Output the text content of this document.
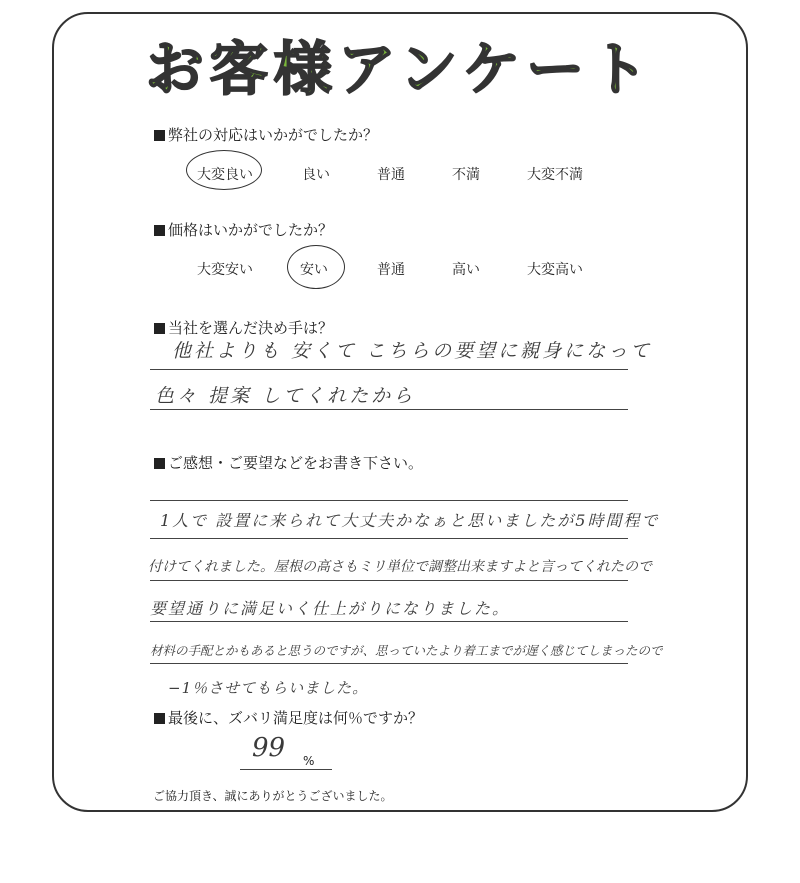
お客様アンケート
弊社の対応はいかがでしたか？
大変良い	良い	普通	不満	大変不満
価格はいかがでしたか？
大変安い	安い	普通	高い	大変高い
当社を選んだ決め手は？
他社よりも 安くて こちらの要望に親身になって
色々 提案 してくれたから
ご感想・ご要望などをお書き下さい。
1人で 設置に来られて大丈夫かなぁと思いましたが5時間程で
付けてくれました。屋根の高さもミリ単位で調整出来ますよと言ってくれたので
要望通りに満足いく仕上がりになりました。
材料の手配とかもあると思うのですが、思っていたより着工までが遅く感じてしまったので
−1％させてもらいました。
最後に、ズバリ満足度は何％ですか？
99 %
ご協力頂き、誠にありがとうございました。
